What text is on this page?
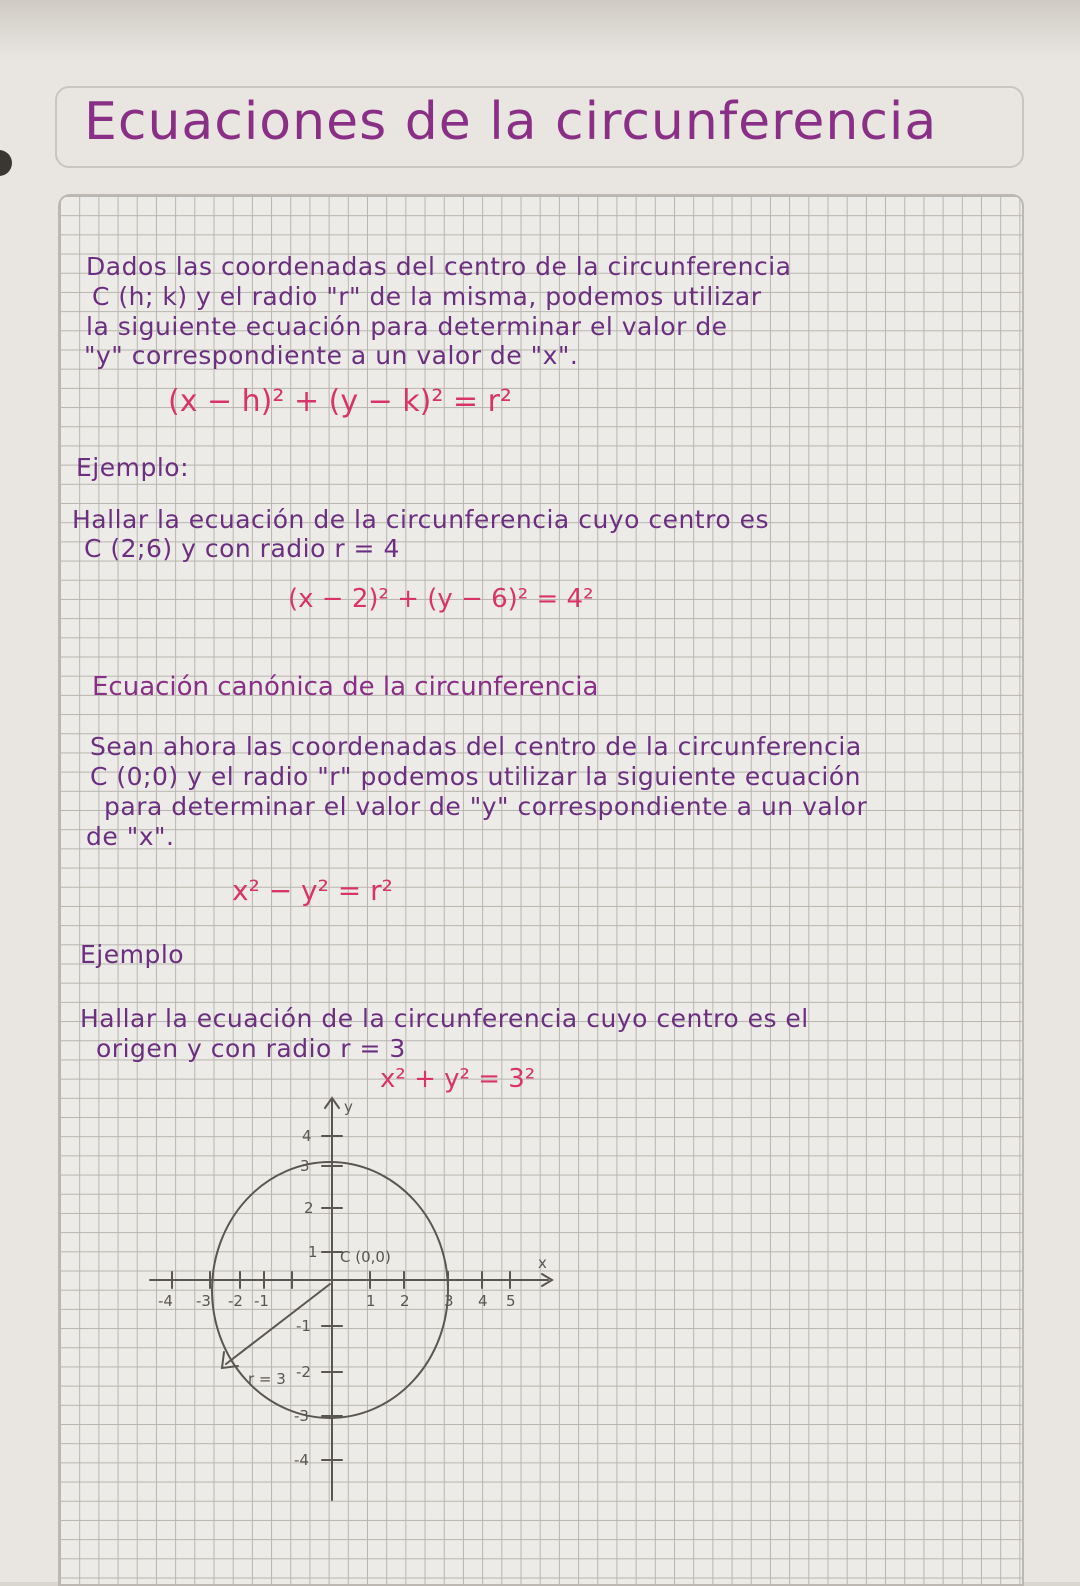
Ecuaciones de la circunferencia

Dados las coordenadas del centro de la circunferencia

C (h; k) y el radio "r" de la misma, podemos utilizar

la siguiente ecuación para determinar el valor de

"y" correspondiente a un valor de "x".

(x − h)² + (y − k)² = r²

Ejemplo:

Hallar la ecuación de la circunferencia cuyo centro es

C (2;6) y con radio r = 4

(x − 2)² + (y − 6)² = 4²

Ecuación canónica de la circunferencia

Sean ahora las coordenadas del centro de la circunferencia

C (0;0) y el radio "r" podemos utilizar la siguiente ecuación

para determinar el valor de "y" correspondiente a un valor

de "x".

x² − y² = r²

Ejemplo

Hallar la ecuación de la circunferencia cuyo centro es el

origen y con radio r = 3

x² + y² = 3²

y
x
C (0,0)
r = 3
4
3
2
1
-1
-2
-3
-4
-4 -3 -2 -1	1 2 3 4 5
